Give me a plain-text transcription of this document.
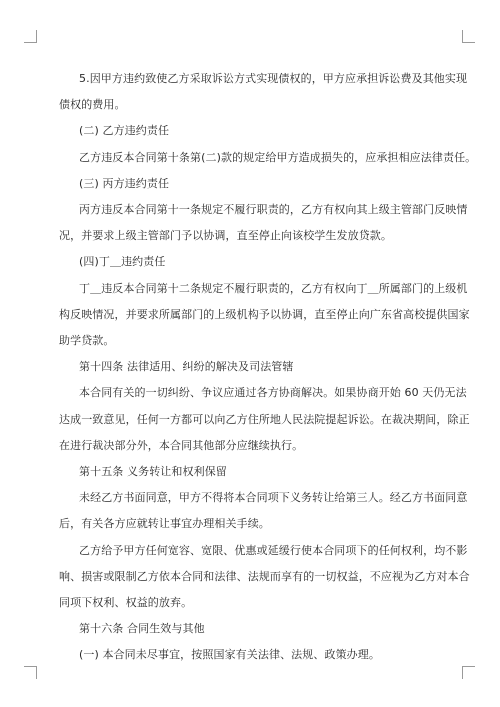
5.因甲方违约致使乙方采取诉讼方式实现债权的，甲方应承担诉讼费及其他实现

债权的费用。

(二) 乙方违约责任

乙方违反本合同第十条第(二)款的规定给甲方造成损失的，应承担相应法律责任。

(三) 丙方违约责任

丙方违反本合同第十一条规定不履行职责的，乙方有权向其上级主管部门反映情

况，并要求上级主管部门予以协调，直至停止向该校学生发放贷款。

(四)丁＿违约责任

丁＿违反本合同第十二条规定不履行职责的，乙方有权向丁＿所属部门的上级机

构反映情况，并要求所属部门的上级机构予以协调，直至停止向广东省高校提供国家

助学贷款。

第十四条 法律适用、纠纷的解决及司法管辖

本合同有关的一切纠纷、争议应通过各方协商解决。如果协商开始 60 天仍无法

达成一致意见，任何一方都可以向乙方住所地人民法院提起诉讼。在裁决期间，除正

在进行裁决部分外，本合同其他部分应继续执行。

第十五条 义务转让和权利保留

未经乙方书面同意，甲方不得将本合同项下义务转让给第三人。经乙方书面同意

后，有关各方应就转让事宜办理相关手续。

乙方给予甲方任何宽容、宽限、优惠或延缓行使本合同项下的任何权利，均不影

响、损害或限制乙方依本合同和法律、法规而享有的一切权益，不应视为乙方对本合

同项下权利、权益的放弃。

第十六条 合同生效与其他

(一) 本合同未尽事宜，按照国家有关法律、法规、政策办理。
